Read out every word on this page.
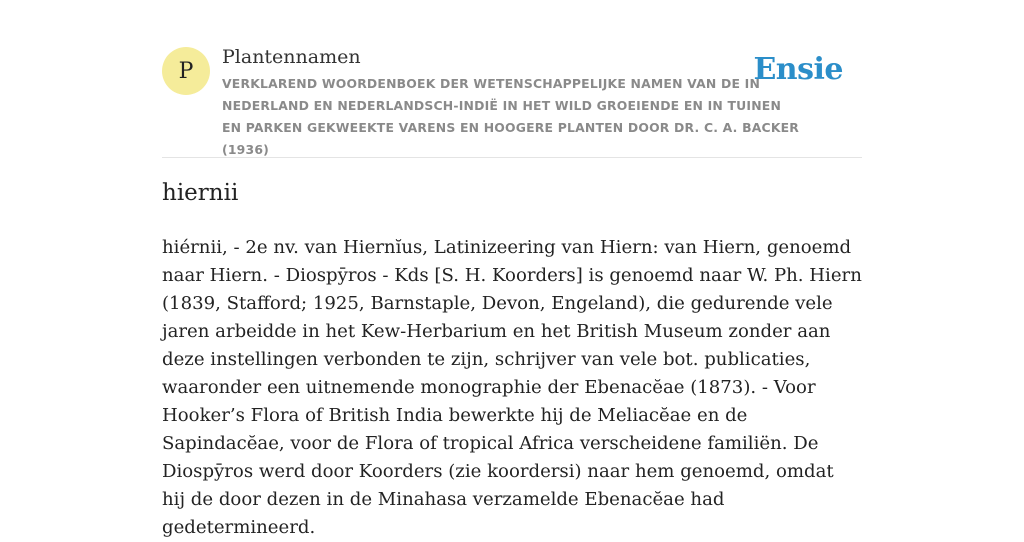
P
Plantennamen

VERKLAREND WOORDENBOEK DER WETENSCHAPPELIJKE NAMEN VAN DE IN NEDERLAND EN NEDERLANDSCH-INDIË IN HET WILD GROEIENDE EN IN TUINEN EN PARKEN GEKWEEKTE VARENS EN HOOGERE PLANTEN DOOR DR. C. A. BACKER (1936)

Ensie
hiernii

hiérnii, - 2e nv. van Hiernĭus, Latinizeering van Hiern: van Hiern, genoemd naar Hiern. - Diospȳros - Kds [S. H. Koorders] is genoemd naar W. Ph. Hiern (1839, Stafford; 1925, Barnstaple, Devon, Engeland), die gedurende vele jaren arbeidde in het Kew-Herbarium en het British Museum zonder aan deze instellingen verbonden te zijn, schrijver van vele bot. publicaties, waaronder een uitnemende monographie der Ebenacĕae (1873). - Voor Hooker’s Flora of British India bewerkte hij de Meliacĕae en de Sapindacĕae, voor de Flora of tropical Africa verscheidene familiën. De Diospȳros werd door Koorders (zie koordersi) naar hem genoemd, omdat hij de door dezen in de Minahasa verzamelde Ebenacĕae had gedetermineerd.
